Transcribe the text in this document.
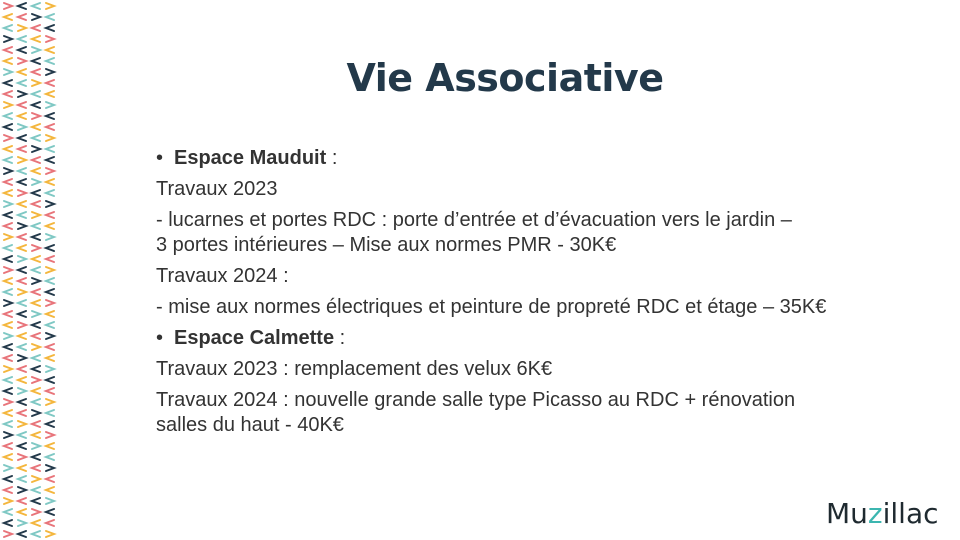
Vie Associative
• Espace Mauduit :
Travaux 2023
- lucarnes et portes RDC : porte d’entrée et d’évacuation vers le jardin –
3 portes intérieures – Mise aux normes PMR - 30K€
Travaux 2024 :
- mise aux normes électriques et peinture de propreté RDC et étage – 35K€
• Espace Calmette :
Travaux 2023 : remplacement des velux 6K€
Travaux 2024 : nouvelle grande salle type Picasso au RDC + rénovation
salles du haut - 40K€
Muzillac
